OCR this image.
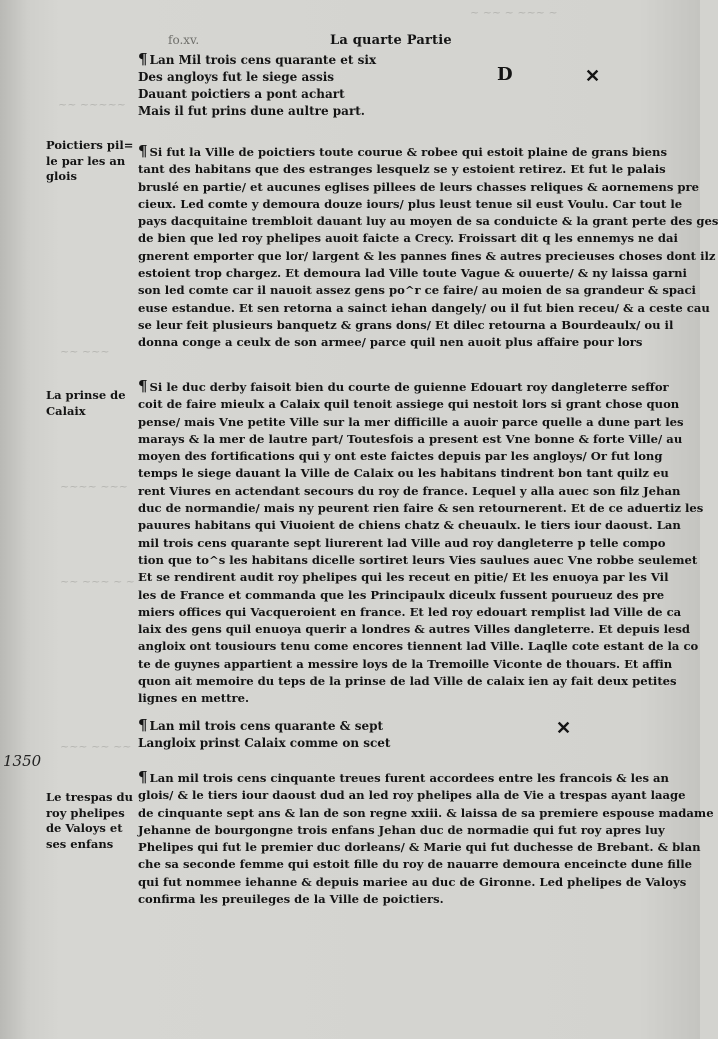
~ ~~ ~ ~~~ ~
~~ ~~~~~
~~ ~~~
~~~~ ~~~
~~ ~~~ ~ ~
~~~ ~~ ~~
fo.xv.	La quarte Partie
¶ Lan Mil trois cens quarante et six
Des angloys fut le siege assis
Dauant poictiers a pont achart
Mais il fut prins dune aultre part.
D	✕
Poictiers pil=
le par les an
glois
¶ Si fut la Ville de poictiers toute courue & robee qui estoit plaine de grans biens
tant des habitans que des estranges lesquelz se y estoient retirez. Et fut le palais
bruslé en partie/ et aucunes eglises pillees de leurs chasses reliques & aornemens pre
cieux. Led comte y demoura douze iours/ plus leust tenue sil eust Voulu. Car tout le
pays dacquitaine trembloit dauant luy au moyen de sa conduicte & la grant perte des ges
de bien que led roy phelipes auoit faicte a Crecy. Froissart dit q les ennemys ne dai
gnerent emporter que lor/ largent & les pannes fines & autres precieuses choses dont ilz
estoient trop chargez. Et demoura lad Ville toute Vague & ouuerte/ & ny laissa garni
son led comte car il nauoit assez gens po^r ce faire/ au moien de sa grandeur & spaci
euse estandue. Et sen retorna a sainct iehan dangely/ ou il fut bien receu/ & a ceste cau
se leur feit plusieurs banquetz & grans dons/ Et dilec retourna a Bourdeaulx/ ou il
donna conge a ceulx de son armee/ parce quil nen auoit plus affaire pour lors
La prinse de
Calaix
¶ Si le duc derby faisoit bien du courte de guienne Edouart roy dangleterre seffor
coit de faire mieulx a Calaix quil tenoit assiege qui nestoit lors si grant chose quon
pense/ mais Vne petite Ville sur la mer difficille a auoir parce quelle a dune part les
marays & la mer de lautre part/ Toutesfois a present est Vne bonne & forte Ville/ au
moyen des fortifications qui y ont este faictes depuis par les angloys/ Or fut long
temps le siege dauant la Ville de Calaix ou les habitans tindrent bon tant quilz eu
rent Viures en actendant secours du roy de france. Lequel y alla auec son filz Jehan
duc de normandie/ mais ny peurent rien faire & sen retournerent. Et de ce aduertiz les
pauures habitans qui Viuoient de chiens chatz & cheuaulx. le tiers iour daoust. Lan
mil trois cens quarante sept liurerent lad Ville aud roy dangleterre p telle compo
tion que to^s les habitans dicelle sortiret leurs Vies saulues auec Vne robbe seulemet
Et se rendirent audit roy phelipes qui les receut en pitie/ Et les enuoya par les Vil
les de France et commanda que les Principaulx diceulx fussent pourueuz des pre
miers offices qui Vacqueroient en france. Et led roy edouart remplist lad Ville de ca
laix des gens quil enuoya querir a londres & autres Villes dangleterre. Et depuis lesd
angloix ont tousiours tenu come encores tiennent lad Ville. Laqlle cote estant de la co
te de guynes appartient a messire loys de la Tremoille Viconte de thouars. Et affin
quon ait memoire du teps de la prinse de lad Ville de calaix ien ay fait deux petites
lignes en mettre.
¶ Lan mil trois cens quarante & sept
Langloix prinst Calaix comme on scet
✕
1350
Le trespas du
roy phelipes
de Valoys et
ses enfans
¶ Lan mil trois cens cinquante treues furent accordees entre les francois & les an
glois/ & le tiers iour daoust dud an led roy phelipes alla de Vie a trespas ayant laage
de cinquante sept ans & lan de son regne xxiii. & laissa de sa premiere espouse madame
Jehanne de bourgongne trois enfans Jehan duc de normadie qui fut roy apres luy
Phelipes qui fut le premier duc dorleans/ & Marie qui fut duchesse de Brebant. & blan
che sa seconde femme qui estoit fille du roy de nauarre demoura enceincte dune fille
qui fut nommee iehanne & depuis mariee au duc de Gironne. Led phelipes de Valoys
confirma les preuileges de la Ville de poictiers.
